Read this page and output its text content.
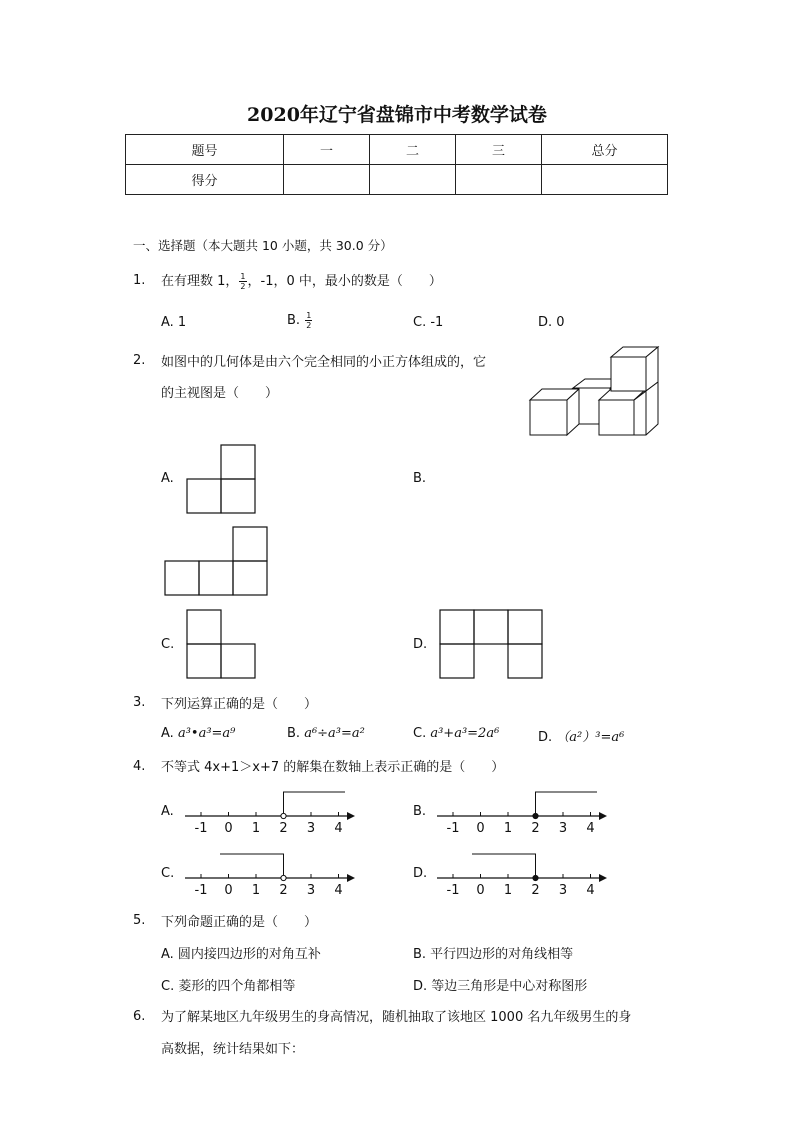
2020年辽宁省盘锦市中考数学试卷
题号	一	二	三	总分
得分				
一、选择题（本大题共 10 小题，共 30.0 分）
1. 在有理数 1， $\frac{1}{2}$ ，-1，0 中，最小的数是（　　）
A. 1	B. $\frac{1}{2}$	C. -1	D. 0
2. 如图中的几何体是由六个完全相同的小正方体组成的，它
的主视图是（　　）
A.	B.
C.	D.
3. 下列运算正确的是（　　）
A. a³•a³=a⁹	B. a⁶÷a³=a²	C. a³+a³=2a⁶	D. （a²）³=a⁶
4. 不等式 4x+1＞x+7 的解集在数轴上表示正确的是（　　）
A.	B.
C.	D.
-1 0 1 2 3 4	-1 0 1 2 3 4
-1 0 1 2 3 4	-1 0 1 2 3 4
5. 下列命题正确的是（　　）
A. 圆内接四边形的对角互补	B. 平行四边形的对角线相等
C. 菱形的四个角都相等	D. 等边三角形是中心对称图形
6. 为了解某地区九年级男生的身高情况，随机抽取了该地区 1000 名九年级男生的身
高数据，统计结果如下：
